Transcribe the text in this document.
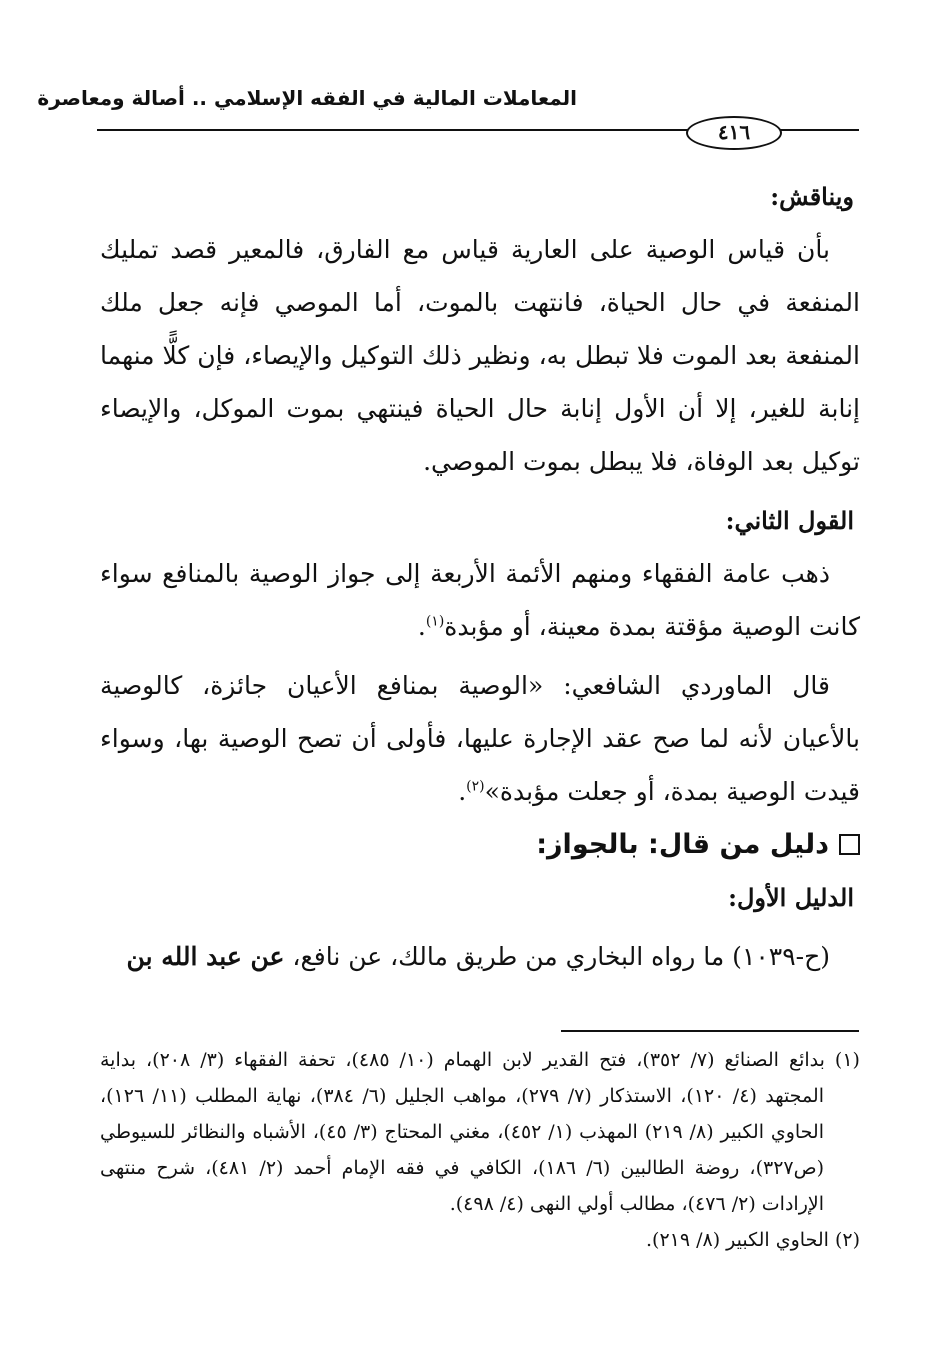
المعاملات المالية في الفقه الإسلامي .. أصالة ومعاصرة
٤١٦

ويناقش:

بأن قياس الوصية على العارية قياس مع الفارق، فالمعير قصد تمليك المنفعة في حال الحياة، فانتهت بالموت، أما الموصي فإنه جعل ملك المنفعة بعد الموت فلا تبطل به، ونظير ذلك التوكيل والإيصاء، فإن كلًّا منهما إنابة للغير، إلا أن الأول إنابة حال الحياة فينتهي بموت الموكل، والإيصاء توكيل بعد الوفاة، فلا يبطل بموت الموصي.

القول الثاني:

ذهب عامة الفقهاء ومنهم الأئمة الأربعة إلى جواز الوصية بالمنافع سواء كانت الوصية مؤقتة بمدة معينة، أو مؤبدة$^{(١)}$.

قال الماوردي الشافعي: «الوصية بمنافع الأعيان جائزة، كالوصية بالأعيان لأنه لما صح عقد الإجارة عليها، فأولى أن تصح الوصية بها، وسواء قيدت الوصية بمدة، أو جعلت مؤبدة»$^{(٢)}$.

دليل من قال: بالجواز:

الدليل الأول:

(ح-١٠٣٩) ما رواه البخاري من طريق مالك، عن نافع، عن عبد الله بن

(١) بدائع الصنائع (٧/ ٣٥٢)، فتح القدير لابن الهمام (١٠/ ٤٨٥)، تحفة الفقهاء (٣/ ٢٠٨)، بداية المجتهد (٤/ ١٢٠)، الاستذكار (٧/ ٢٧٩)، مواهب الجليل (٦/ ٣٨٤)، نهاية المطلب (١١/ ١٢٦)، الحاوي الكبير (٨/ ٢١٩) المهذب (١/ ٤٥٢)، مغني المحتاج (٣/ ٤٥)، الأشباه والنظائر للسيوطي (ص٣٢٧)، روضة الطالبين (٦/ ١٨٦)، الكافي في فقه الإمام أحمد (٢/ ٤٨١)، شرح منتهى الإرادات (٢/ ٤٧٦)، مطالب أولي النهى (٤/ ٤٩٨).

(٢) الحاوي الكبير (٨/ ٢١٩).
